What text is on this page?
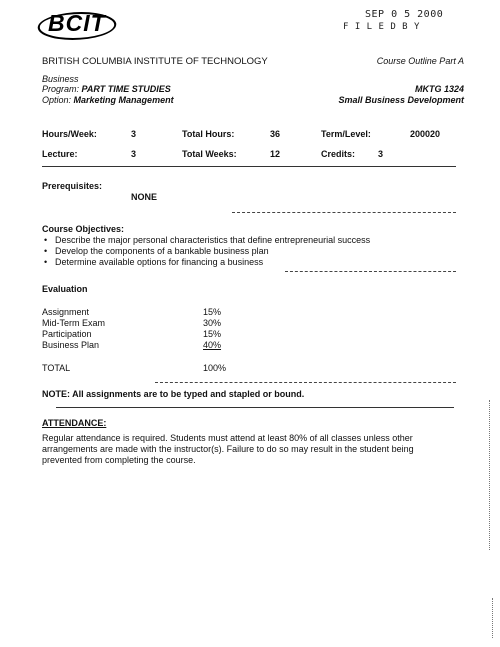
BCIT	SEP 0 5 2000
F I L E D B Y
BRITISH COLUMBIA INSTITUTE OF TECHNOLOGY	Course Outline Part A
Business
Program: PART TIME STUDIES	MKTG 1324
Option: Marketing Management	Small Business Development
Hours/Week:	3	Total Hours:	36	Term/Level:	200020
Lecture:	3	Total Weeks:	12	Credits:	3
Prerequisites:
NONE
Course Objectives:
• Describe the major personal characteristics that define entrepreneurial success
• Develop the components of a bankable business plan
• Determine available options for financing a business
Evaluation
Assignment	15%
Mid-Term Exam	30%
Participation	15%
Business Plan	40%
TOTAL	100%
NOTE: All assignments are to be typed and stapled or bound.
ATTENDANCE:
Regular attendance is required. Students must attend at least 80% of all classes unless other
arrangements are made with the instructor(s). Failure to do so may result in the student being
prevented from completing the course.
